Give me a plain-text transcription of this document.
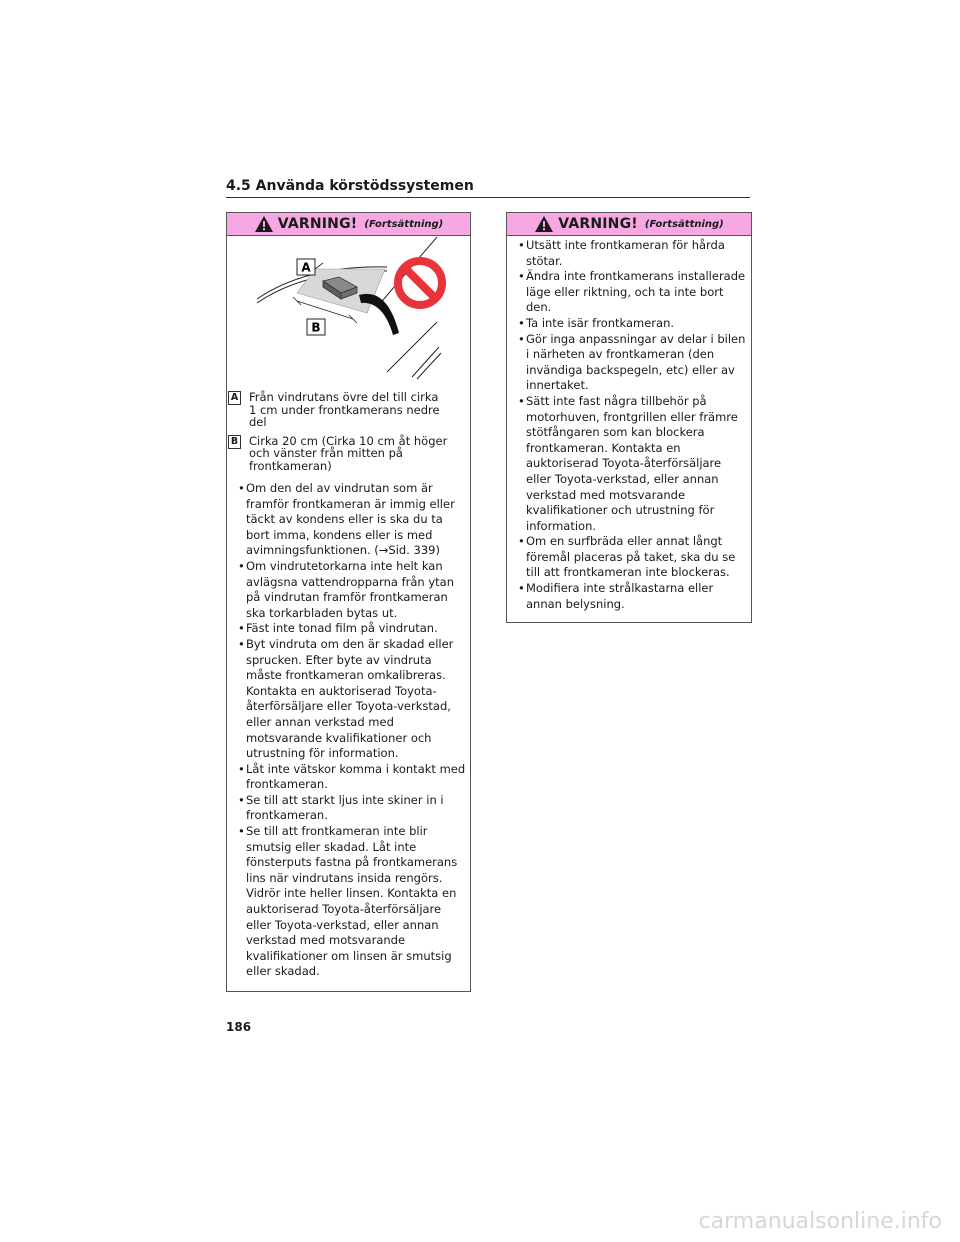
4.5 Använda körstödssystemen
VARNING! (Fortsättning)
A
B
A Från vindrutans övre del till cirka 1 cm under frontkamerans nedre del
B Cirka 20 cm (Cirka 10 cm åt höger och vänster från mitten på frontkameran)
• Om den del av vindrutan som är framför frontkameran är immig eller täckt av kondens eller is ska du ta bort imma, kondens eller is med avimningsfunktionen. (→Sid. 339)
• Om vindrutetorkarna inte helt kan avlägsna vattendropparna från ytan på vindrutan framför frontkameran ska torkarbladen bytas ut.
• Fäst inte tonad film på vindrutan.
• Byt vindruta om den är skadad eller sprucken. Efter byte av vindruta måste frontkameran omkalibreras. Kontakta en auktoriserad Toyota-återförsäljare eller Toyota-verkstad, eller annan verkstad med motsvarande kvalifikationer och utrustning för information.
• Låt inte vätskor komma i kontakt med frontkameran.
• Se till att starkt ljus inte skiner in i frontkameran.
• Se till att frontkameran inte blir smutsig eller skadad. Låt inte fönsterputs fastna på frontkamerans lins när vindrutans insida rengörs. Vidrör inte heller linsen. Kontakta en auktoriserad Toyota-återförsäljare eller Toyota-verkstad, eller annan verkstad med motsvarande kvalifikationer om linsen är smutsig eller skadad.
VARNING! (Fortsättning)
• Utsätt inte frontkameran för hårda stötar.
• Ändra inte frontkamerans installerade läge eller riktning, och ta inte bort den.
• Ta inte isär frontkameran.
• Gör inga anpassningar av delar i bilen i närheten av frontkameran (den invändiga backspegeln, etc) eller av innertaket.
• Sätt inte fast några tillbehör på motorhuven, frontgrillen eller främre stötfångaren som kan blockera frontkameran. Kontakta en auktoriserad Toyota-återförsäljare eller Toyota-verkstad, eller annan verkstad med motsvarande kvalifikationer och utrustning för information.
• Om en surfbräda eller annat långt föremål placeras på taket, ska du se till att frontkameran inte blockeras.
• Modifiera inte strålkastarna eller annan belysning.
186
carmanualsonline.info
